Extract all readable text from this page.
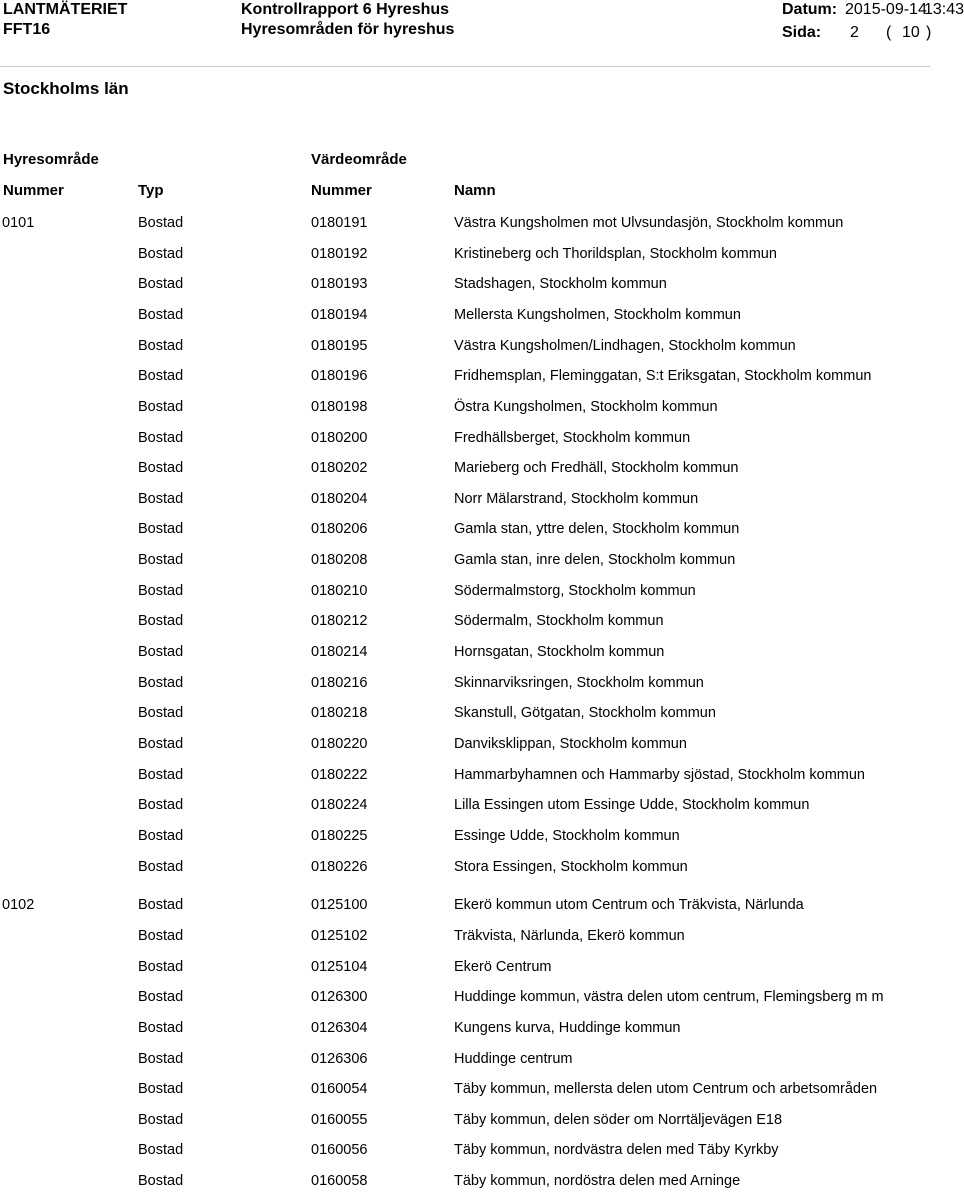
LANTMÄTERIET
FFT16
Kontrollrapport 6 Hyreshus
Hyresområden för hyreshus
Datum: 2015-09-14
13:43
Sida: 2 ( 10 )
Stockholms län
Hyresområde	Värdeområde
Nummer	Typ	Nummer	Namn
0101	Bostad	0180191	Västra Kungsholmen mot Ulvsundasjön, Stockholm kommun
Bostad	0180192	Kristineberg och Thorildsplan, Stockholm kommun
Bostad	0180193	Stadshagen, Stockholm kommun
Bostad	0180194	Mellersta Kungsholmen, Stockholm kommun
Bostad	0180195	Västra Kungsholmen/Lindhagen, Stockholm kommun
Bostad	0180196	Fridhemsplan, Fleminggatan, S:t Eriksgatan, Stockholm kommun
Bostad	0180198	Östra Kungsholmen, Stockholm kommun
Bostad	0180200	Fredhällsberget, Stockholm kommun
Bostad	0180202	Marieberg och Fredhäll, Stockholm kommun
Bostad	0180204	Norr Mälarstrand, Stockholm kommun
Bostad	0180206	Gamla stan, yttre delen, Stockholm kommun
Bostad	0180208	Gamla stan, inre delen, Stockholm kommun
Bostad	0180210	Södermalmstorg, Stockholm kommun
Bostad	0180212	Södermalm, Stockholm kommun
Bostad	0180214	Hornsgatan, Stockholm kommun
Bostad	0180216	Skinnarviksringen, Stockholm kommun
Bostad	0180218	Skanstull, Götgatan, Stockholm kommun
Bostad	0180220	Danviksklippan, Stockholm kommun
Bostad	0180222	Hammarbyhamnen och Hammarby sjöstad, Stockholm kommun
Bostad	0180224	Lilla Essingen utom Essinge Udde, Stockholm kommun
Bostad	0180225	Essinge Udde, Stockholm kommun
Bostad	0180226	Stora Essingen, Stockholm kommun
0102	Bostad	0125100	Ekerö kommun utom Centrum och Träkvista, Närlunda
Bostad	0125102	Träkvista, Närlunda, Ekerö kommun
Bostad	0125104	Ekerö Centrum
Bostad	0126300	Huddinge kommun, västra delen utom centrum, Flemingsberg m m
Bostad	0126304	Kungens kurva, Huddinge kommun
Bostad	0126306	Huddinge centrum
Bostad	0160054	Täby kommun, mellersta delen utom Centrum och arbetsområden
Bostad	0160055	Täby kommun, delen söder om Norrtäljevägen E18
Bostad	0160056	Täby kommun, nordvästra delen med Täby Kyrkby
Bostad	0160058	Täby kommun, nordöstra delen med Arninge
